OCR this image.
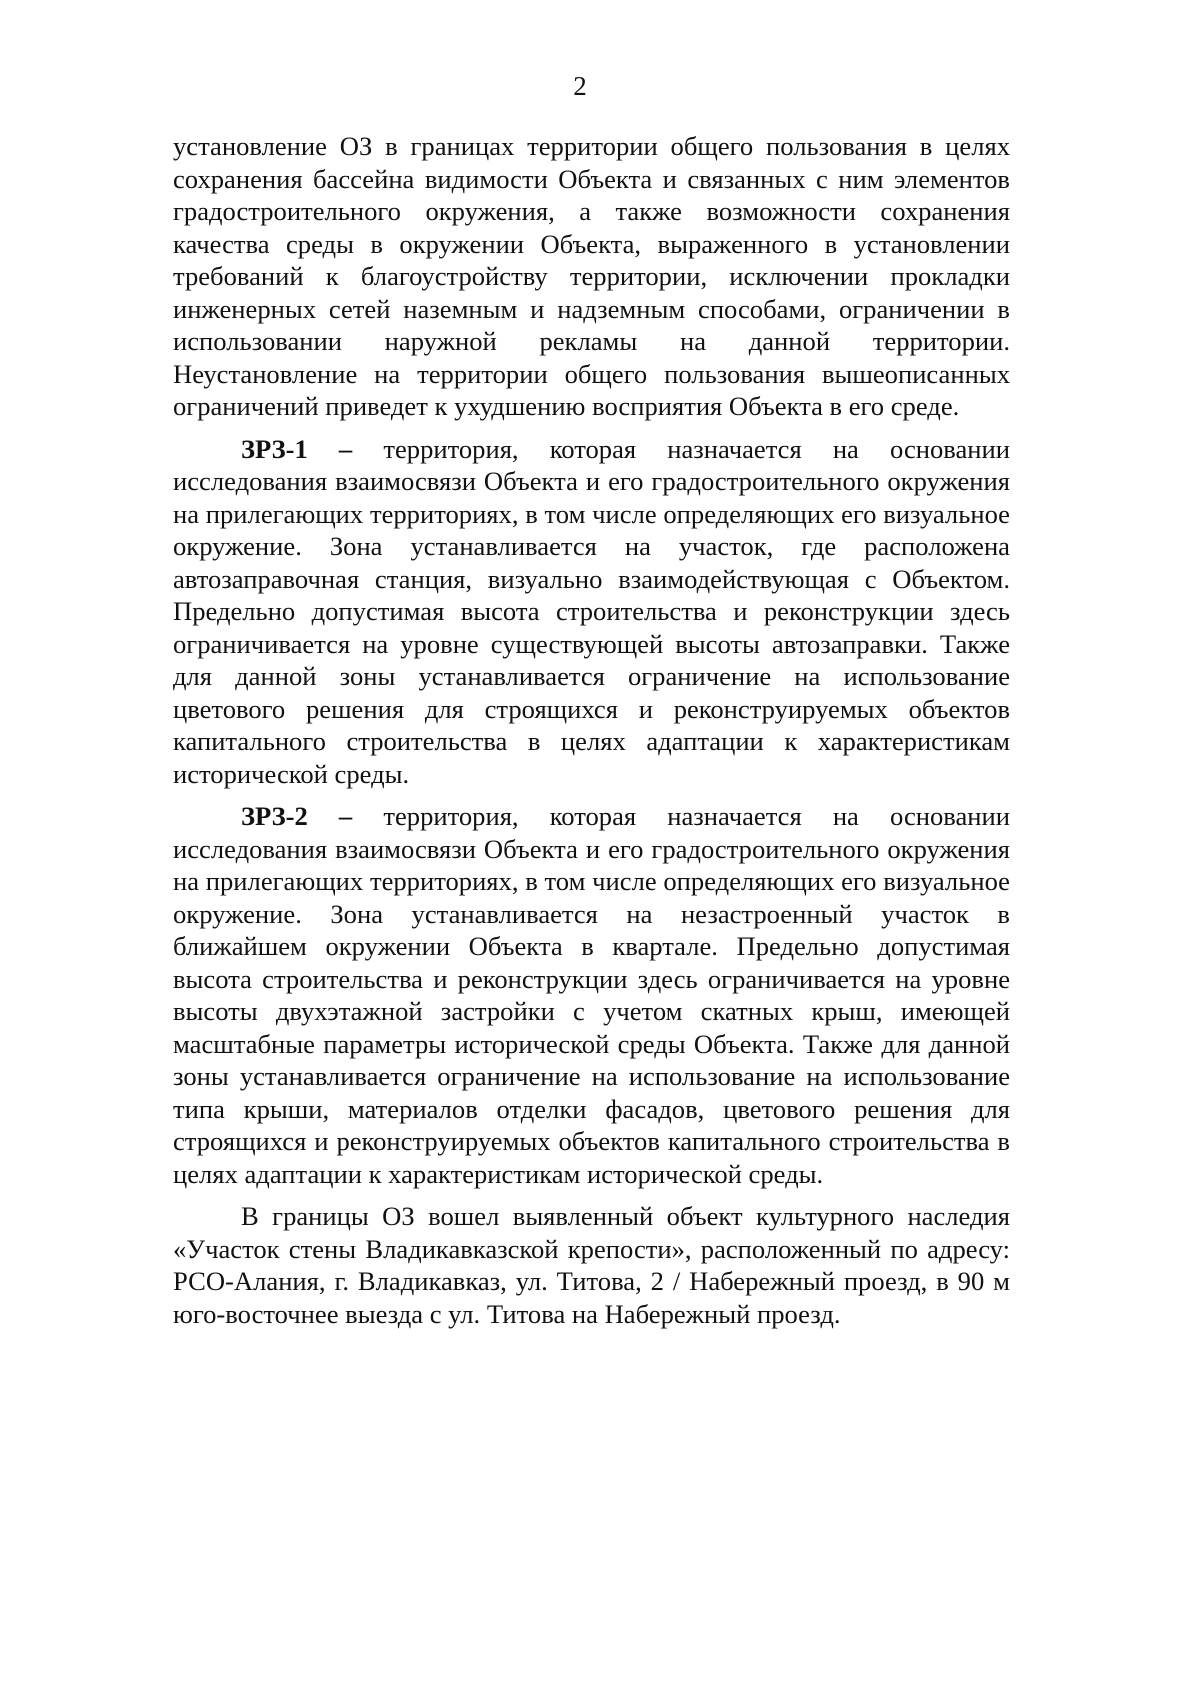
2

установление ОЗ в границах территории общего пользования в целях сохранения бассейна видимости Объекта и связанных с ним элементов градостроительного окружения, а также возможности сохранения качества среды в окружении Объекта, выраженного в установлении требований к благоустройству территории, исключении прокладки инженерных сетей наземным и надземным способами, ограничении в использовании наружной рекламы на данной территории. Неустановление на территории общего пользования вышеописанных ограничений приведет к ухудшению восприятия Объекта в его среде.

ЗРЗ-1 – территория, которая назначается на основании исследования взаимосвязи Объекта и его градостроительного окружения на прилегающих территориях, в том числе определяющих его визуальное окружение. Зона устанавливается на участок, где расположена автозаправочная станция, визуально взаимодействующая с Объектом. Предельно допустимая высота строительства и реконструкции здесь ограничивается на уровне существующей высоты автозаправки. Также для данной зоны устанавливается ограничение на использование цветового решения для строящихся и реконструируемых объектов капитального строительства в целях адаптации к характеристикам исторической среды.

ЗРЗ-2 – территория, которая назначается на основании исследования взаимосвязи Объекта и его градостроительного окружения на прилегающих территориях, в том числе определяющих его визуальное окружение. Зона устанавливается на незастроенный участок в ближайшем окружении Объекта в квартале. Предельно допустимая высота строительства и реконструкции здесь ограничивается на уровне высоты двухэтажной застройки с учетом скатных крыш, имеющей масштабные параметры исторической среды Объекта. Также для данной зоны устанавливается ограничение на использование на использование типа крыши, материалов отделки фасадов, цветового решения для строящихся и реконструируемых объектов капитального строительства в целях адаптации к характеристикам исторической среды.

В границы ОЗ вошел выявленный объект культурного наследия «Участок стены Владикавказской крепости», расположенный по адресу: РСО-Алания, г. Владикавказ, ул. Титова, 2 / Набережный проезд, в 90 м юго-восточнее выезда с ул. Титова на Набережный проезд.
